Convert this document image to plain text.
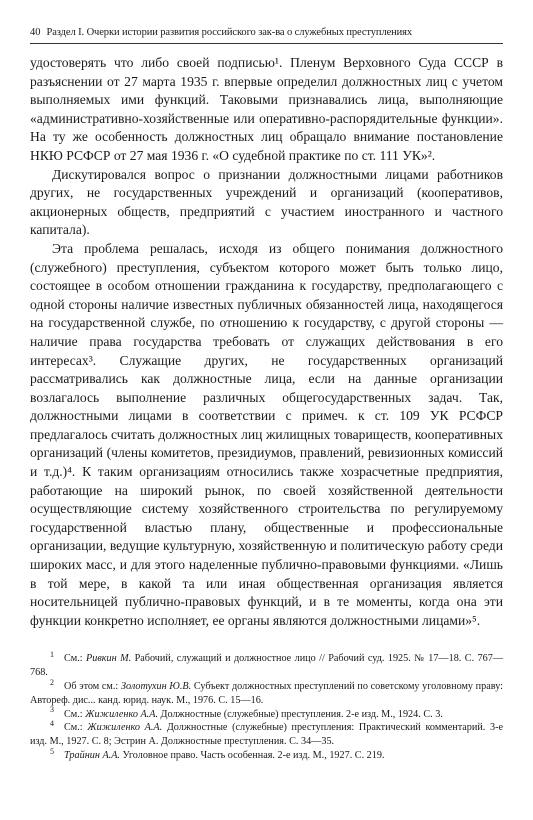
40 Раздел I. Очерки истории развития российского зак-ва о служебных преступлениях

удостоверять что либо своей подписью¹. Пленум Верховного Суда СССР в разъяснении от 27 марта 1935 г. впервые определил должностных лиц с учетом выполняемых ими функций. Таковыми признавались лица, выполняющие «административно-хозяйственные или оперативно-распорядительные функции». На ту же особенность должностных лиц обращало внимание постановление НКЮ РСФСР от 27 мая 1936 г. «О судебной практике по ст. 111 УК»².

Дискутировался вопрос о признании должностными лицами работников других, не государственных учреждений и организаций (кооперативов, акционерных обществ, предприятий с участием иностранного и частного капитала).

Эта проблема решалась, исходя из общего понимания должностного (служебного) преступления, субъектом которого может быть только лицо, состоящее в особом отношении гражданина к государству, предполагающего с одной стороны наличие известных публичных обязанностей лица, находящегося на государственной службе, по отношению к государству, с другой стороны — наличие права государства требовать от служащих действования в его интересах³. Служащие других, не государственных организаций рассматривались как должностные лица, если на данные организации возлагалось выполнение различных общегосударственных задач. Так, должностными лицами в соответствии с примеч. к ст. 109 УК РСФСР предлагалось считать должностных лиц жилищных товариществ, кооперативных организаций (члены комитетов, президиумов, правлений, ревизионных комиссий и т.д.)⁴. К таким организациям относились также хозрасчетные предприятия, работающие на широкий рынок, по своей хозяйственной деятельности осуществляющие систему хозяйственного строительства по регулируемому государственной властью плану, общественные и профессиональные организации, ведущие культурную, хозяйственную и политическую работу среди широких масс, и для этого наделенные публично-правовыми функциями. «Лишь в той мере, в какой та или иная общественная организация является носительницей публично-правовых функций, и в те моменты, когда она эти функции конкретно исполняет, ее органы являются должностными лицами»⁵.

$^1$ См.: Ривкин М. Рабочий, служащий и должностное лицо // Рабочий суд. 1925. № 17—18. С. 767—768.

$^2$ Об этом см.: Золотухин Ю.В. Субъект должностных преступлений по советскому уголовному праву: Автореф. дис... канд. юрид. наук. М., 1976. С. 15—16.

$^3$ См.: Жижиленко А.А. Должностные (служебные) преступления. 2-е изд. М., 1924. С. 3.

$^4$ См.: Жижиленко А.А. Должностные (служебные) преступления: Практический комментарий. 3-е изд. М., 1927. С. 8; Эстрин А. Должностные преступления. С. 34—35.

$^5$ Трайнин А.А. Уголовное право. Часть особенная. 2-е изд. М., 1927. С. 219.
